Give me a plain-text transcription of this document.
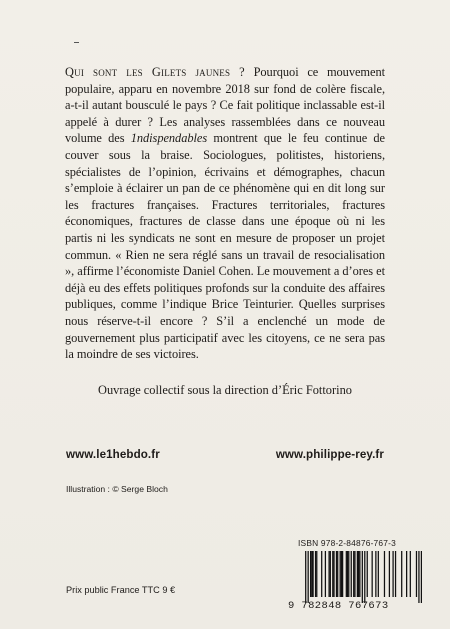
Qui sont les Gilets jaunes ? Pourquoi ce mouvement populaire, apparu en novembre 2018 sur fond de colère fiscale, a-t-il autant bousculé le pays ? Ce fait politique inclassable est-il appelé à durer ? Les analyses rassemblées dans ce nouveau volume des 1ndispendables montrent que le feu continue de couver sous la braise. Sociologues, politistes, historiens, spécialistes de l’opinion, écrivains et démographes, chacun s’emploie à éclairer un pan de ce phénomène qui en dit long sur les fractures françaises. Fractures territoriales, fractures économiques, fractures de classe dans une époque où ni les partis ni les syndicats ne sont en mesure de proposer un projet commun. « Rien ne sera réglé sans un travail de resocialisation », affirme l’économiste Daniel Cohen. Le mouvement a d’ores et déjà eu des effets politiques profonds sur la conduite des affaires publiques, comme l’indique Brice Teinturier. Quelles surprises nous réserve-t-il encore ? S’il a enclenché un mode de gouvernement plus participatif avec les citoyens, ce ne sera pas la moindre de ses victoires.

Ouvrage collectif sous la direction d’Éric Fottorino

www.le1hebdo.fr	www.philippe-rey.fr

Illustration : © Serge Bloch

Prix public France TTC 9 €

ISBN 978-2-84876-767-3

9 782848 767673
